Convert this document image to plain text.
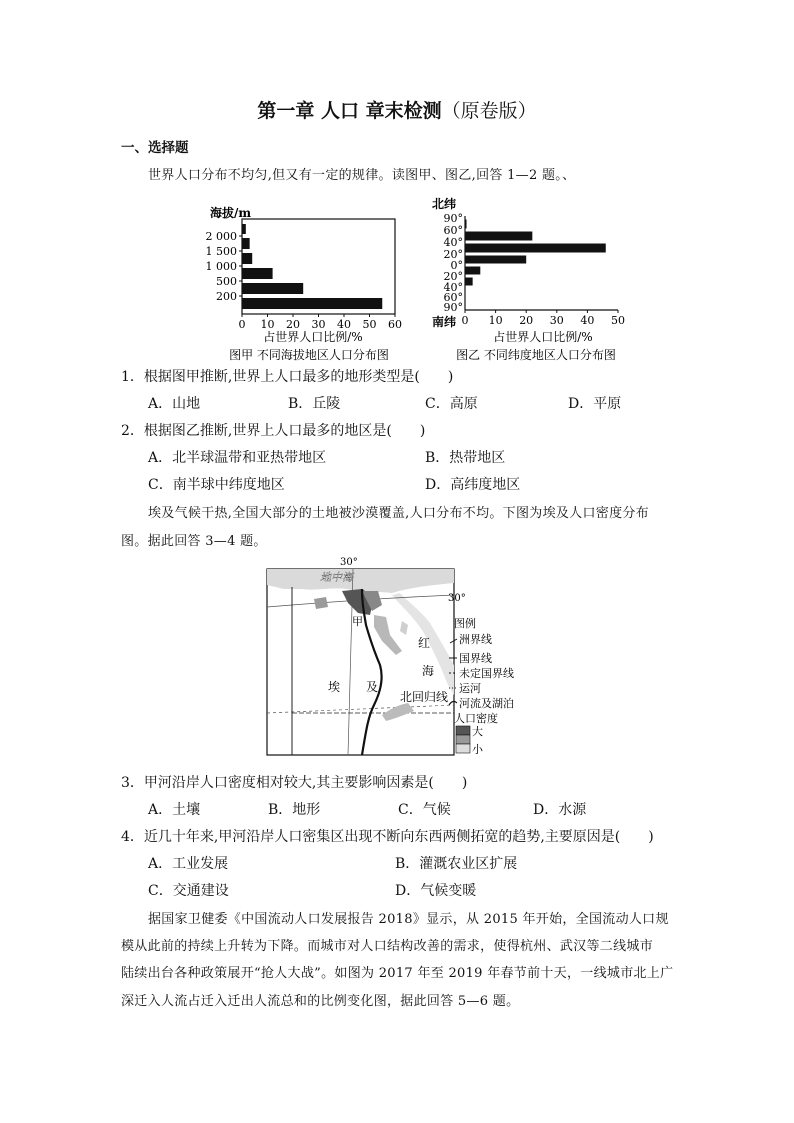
第一章 人口 章末检测（原卷版）
一、选择题
世界人口分布不均匀,但又有一定的规律。读图甲、图乙,回答 1—2 题。、
海拔/m
2 000
1 500
1 000
500
200
0 10 20 30 40 50 60
占世界人口比例/%
图甲 不同海拔地区人口分布图
北纬
南纬
90°
60°
40°
20°
0°
20°
40°
60°
90°
0 10 20 30 40 50
占世界人口比例/%
图乙 不同纬度地区人口分布图
1．根据图甲推断,世界上人口最多的地形类型是(　　)
A．山地	B．丘陵	C．高原	D．平原
2．根据图乙推断,世界上人口最多的地区是(　　)
A．北半球温带和亚热带地区	B．热带地区
C．南半球中纬度地区	D．高纬度地区
埃及气候干热,全国大部分的土地被沙漠覆盖,人口分布不均。下图为埃及人口密度分布
图。据此回答 3—4 题。
地中海
30°
30°
甲
红
海
埃 及
北回归线
图例
洲界线
国界线
未定国界线
运河
河流及湖泊
人口密度
大
小
3．甲河沿岸人口密度相对较大,其主要影响因素是(　　)
A．土壤	B．地形	C．气候	D．水源
4．近几十年来,甲河沿岸人口密集区出现不断向东西两侧拓宽的趋势,主要原因是(　　)
A．工业发展	B．灌溉农业区扩展
C．交通建设	D．气候变暖
据国家卫健委《中国流动人口发展报告 2018》显示，从 2015 年开始，全国流动人口规
模从此前的持续上升转为下降。而城市对人口结构改善的需求，使得杭州、武汉等二线城市
陆续出台各种政策展开“抢人大战”。如图为 2017 年至 2019 年春节前十天，一线城市北上广
深迁入人流占迁入迁出人流总和的比例变化图，据此回答 5—6 题。
